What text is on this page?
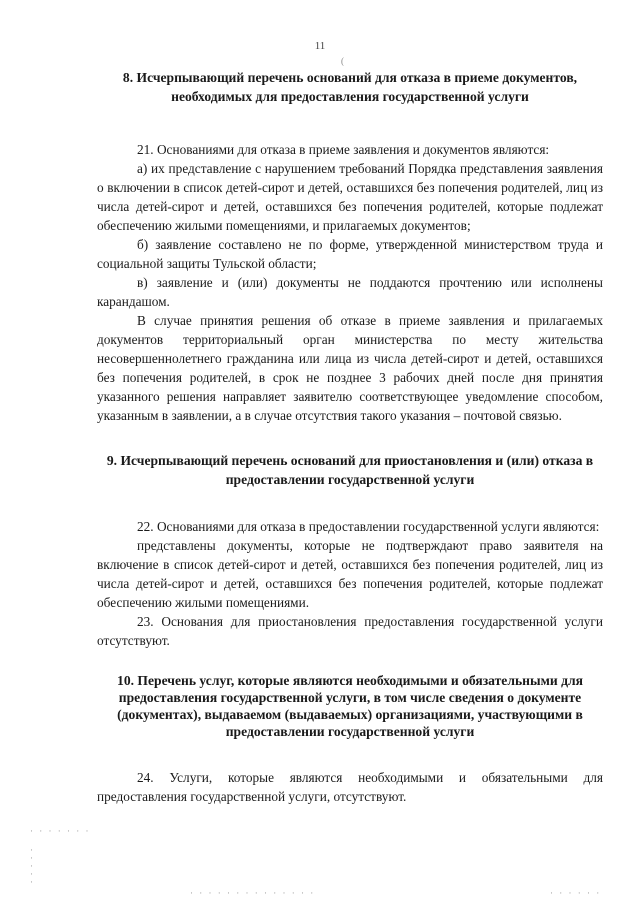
11
(
8. Исчерпывающий перечень оснований для отказа в приеме документов, необходимых для предоставления государственной услуги

21. Основаниями для отказа в приеме заявления и документов являются:

а) их представление с нарушением требований Порядка представления заявления о включении в список детей-сирот и детей, оставшихся без попечения родителей, лиц из числа детей-сирот и детей, оставшихся без попечения родителей, которые подлежат обеспечению жилыми помещениями, и прилагаемых документов;

б) заявление составлено не по форме, утвержденной министерством труда и социальной защиты Тульской области;

в) заявление и (или) документы не поддаются прочтению или исполнены карандашом.

В случае принятия решения об отказе в приеме заявления и прилагаемых документов территориальный орган министерства по месту жительства несовершеннолетнего гражданина или лица из числа детей-сирот и детей, оставшихся без попечения родителей, в срок не позднее 3 рабочих дней после дня принятия указанного решения направляет заявителю соответствующее уведомление способом, указанным в заявлении, а в случае отсутствия такого указания – почтовой связью.

9. Исчерпывающий перечень оснований для приостановления и (или) отказа в предоставлении государственной услуги

22. Основаниями для отказа в предоставлении государственной услуги являются:

представлены документы, которые не подтверждают право заявителя на включение в список детей-сирот и детей, оставшихся без попечения родителей, лиц из числа детей-сирот и детей, оставшихся без попечения родителей, которые подлежат обеспечению жилыми помещениями.

23. Основания для приостановления предоставления государственной услуги отсутствуют.

10. Перечень услуг, которые являются необходимыми и обязательными для предоставления государственной услуги, в том числе сведения о документе (документах), выдаваемом (выдаваемых) организациями, участвующими в предоставлении государственной услуги

24. Услуги, которые являются необходимыми и обязательными для предоставления государственной услуги, отсутствуют.

· · · · · · ·
·
·
·
·
·
· · · · · · · · · · · · · ·	· · · · · ·
